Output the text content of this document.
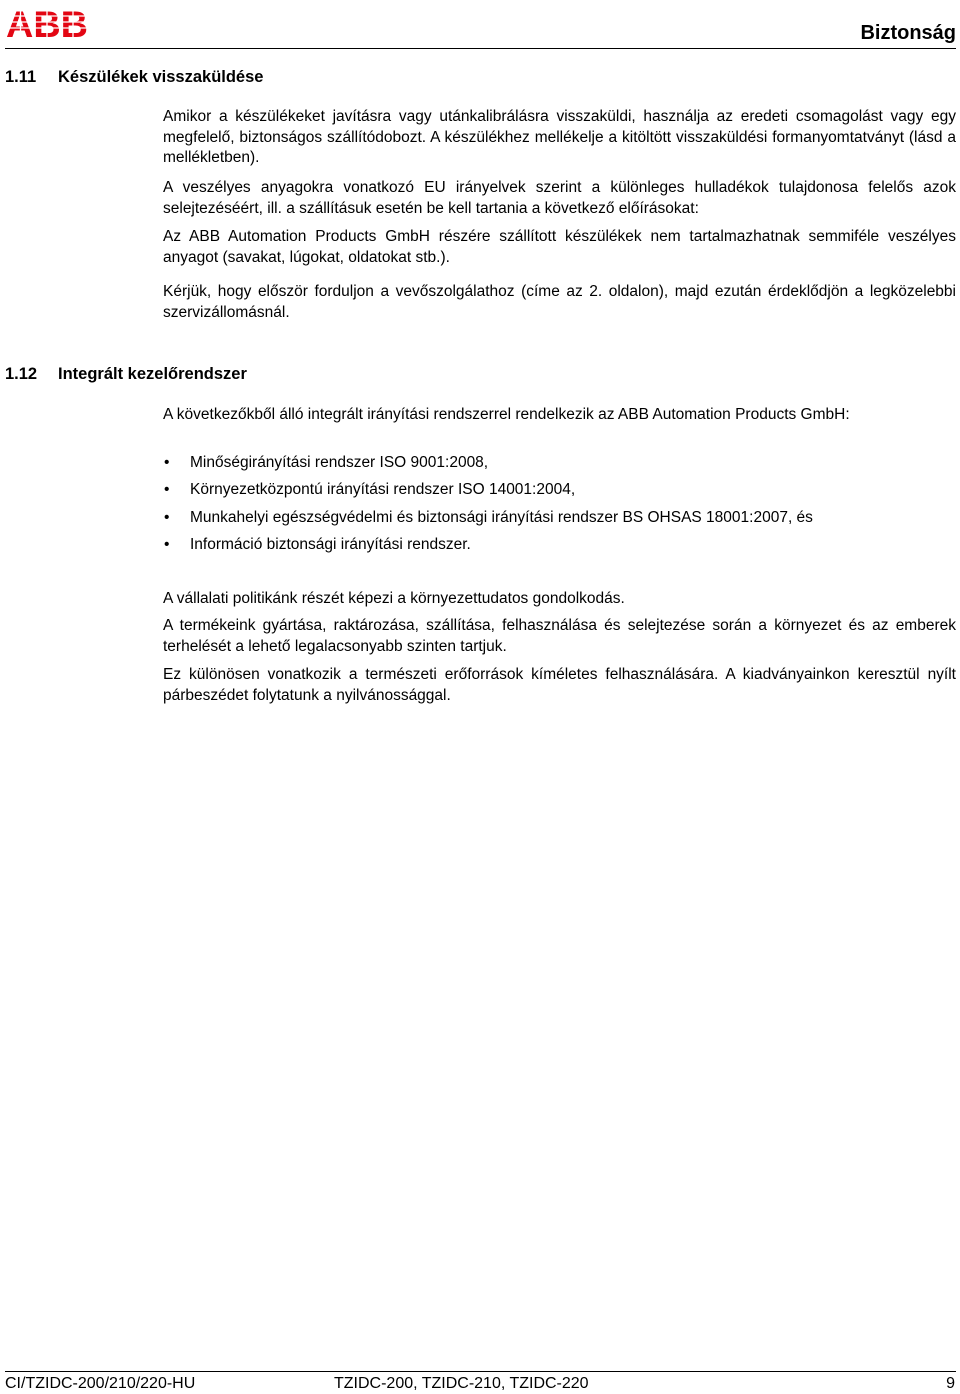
ABB	Biztonság
1.11 Készülékek visszaküldése

Amikor a készülékeket javításra vagy utánkalibrálásra visszaküldi, használja az eredeti csomagolást vagy egy megfelelő, biztonságos szállítódobozt. A készülékhez mellékelje a kitöltött visszaküldési formanyomtatványt (lásd a mellékletben).

A veszélyes anyagokra vonatkozó EU irányelvek szerint a különleges hulladékok tulajdonosa felelős azok selejtezéséért, ill. a szállításuk esetén be kell tartania a következő előírásokat:

Az ABB Automation Products GmbH részére szállított készülékek nem tartalmazhatnak semmiféle veszélyes anyagot (savakat, lúgokat, oldatokat stb.).

Kérjük, hogy először forduljon a vevőszolgálathoz (címe az 2. oldalon), majd ezután érdeklődjön a legközelebbi szervizállomásnál.

1.12 Integrált kezelőrendszer

A következőkből álló integrált irányítási rendszerrel rendelkezik az ABB Automation Products GmbH:

• Minőségirányítási rendszer ISO 9001:2008,
• Környezetközpontú irányítási rendszer ISO 14001:2004,
• Munkahelyi egészségvédelmi és biztonsági irányítási rendszer BS OHSAS 18001:2007, és
• Információ biztonsági irányítási rendszer.

A vállalati politikánk részét képezi a környezettudatos gondolkodás.

A termékeink gyártása, raktározása, szállítása, felhasználása és selejtezése során a környezet és az emberek terhelését a lehető legalacsonyabb szinten tartjuk.

Ez különösen vonatkozik a természeti erőforrások kíméletes felhasználására. A kiadványainkon keresztül nyílt párbeszédet folytatunk a nyilvánossággal.

CI/TZIDC-200/210/220-HU	TZIDC-200, TZIDC-210, TZIDC-220	9
